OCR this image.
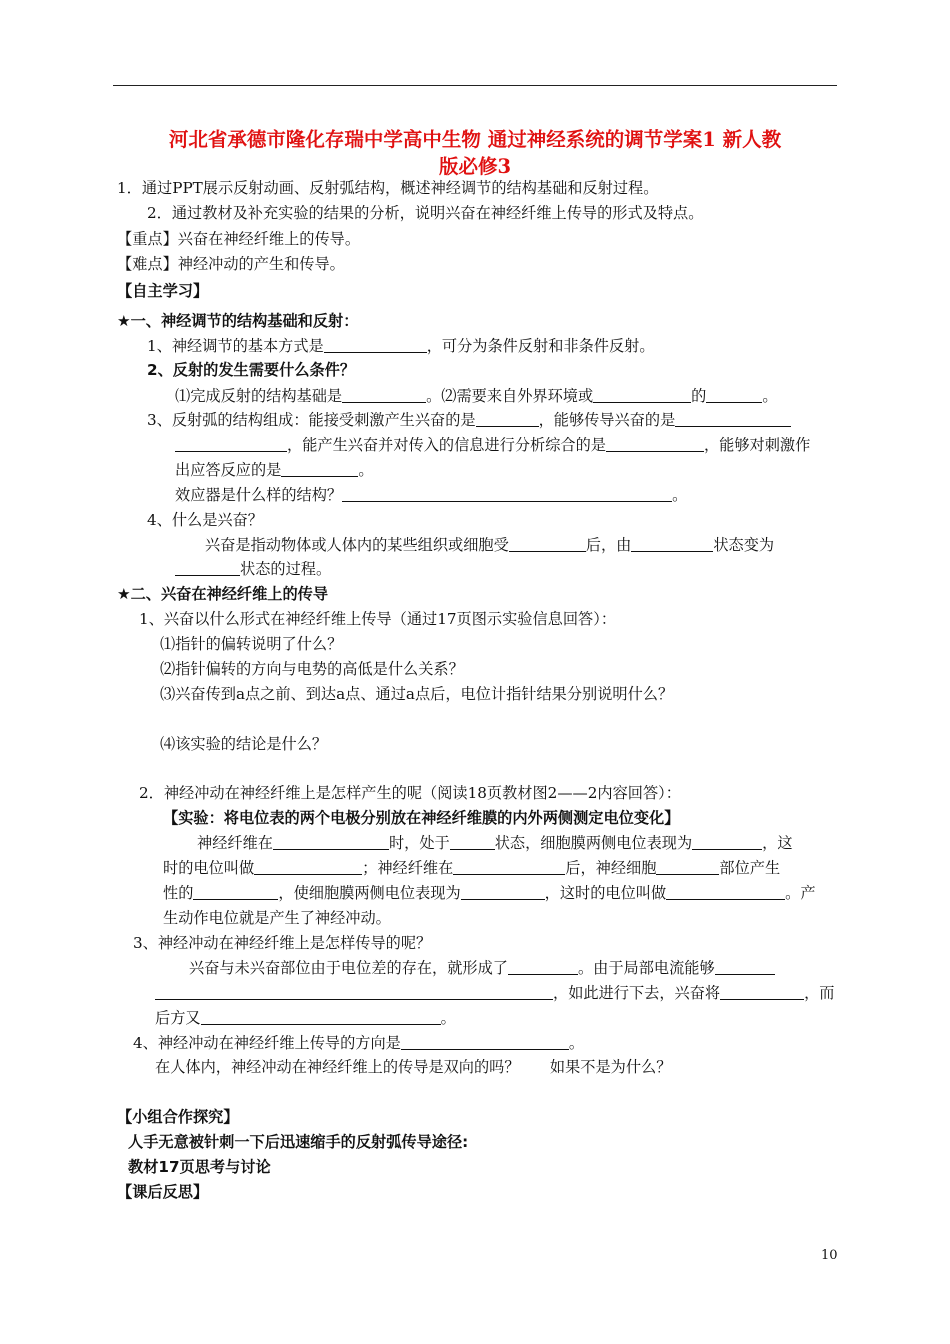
河北省承德市隆化存瑞中学高中生物 通过神经系统的调节学案1 新人教
版必修3
1．通过PPT展示反射动画、反射弧结构，概述神经调节的结构基础和反射过程。
2．通过教材及补充实验的结果的分析，说明兴奋在神经纤维上传导的形式及特点。
【重点】兴奋在神经纤维上的传导。
【难点】神经冲动的产生和传导。
【自主学习】
★一、神经调节的结构基础和反射：
1、神经调节的基本方式是	，可分为条件反射和非条件反射。
2、反射的发生需要什么条件？
⑴完成反射的结构基础是	。⑵需要来自外界环境或	的	。
3、反射弧的结构组成：能接受刺激产生兴奋的是	，能够传导兴奋的是
，能产生兴奋并对传入的信息进行分析综合的是	，能够对刺激作
出应答反应的是	。
效应器是什么样的结构？	。
4、什么是兴奋？
兴奋是指动物体或人体内的某些组织或细胞受	后，由	状态变为
状态的过程。
★二、兴奋在神经纤维上的传导
1、兴奋以什么形式在神经纤维上传导（通过17页图示实验信息回答）：
⑴指针的偏转说明了什么？
⑵指针偏转的方向与电势的高低是什么关系？
⑶兴奋传到a点之前、到达a点、通过a点后，电位计指针结果分别说明什么？
⑷该实验的结论是什么？
2．神经冲动在神经纤维上是怎样产生的呢（阅读18页教材图2——2内容回答）：
【实验：将电位表的两个电极分别放在神经纤维膜的内外两侧测定电位变化】
神经纤维在	时，处于	状态，细胞膜两侧电位表现为	，这
时的电位叫做	；神经纤维在	后，神经细胞	部位产生
性的	，使细胞膜两侧电位表现为	，这时的电位叫做	。产
生动作电位就是产生了神经冲动。
3、神经冲动在神经纤维上是怎样传导的呢？
兴奋与未兴奋部位由于电位差的存在，就形成了	。由于局部电流能够
，如此进行下去，兴奋将	，而
后方又	。
4、神经冲动在神经纤维上传导的方向是	。
在人体内，神经冲动在神经纤维上的传导是双向的吗？　　如果不是为什么？
【小组合作探究】
人手无意被针刺一下后迅速缩手的反射弧传导途径:
教材17页思考与讨论
【课后反思】
10
